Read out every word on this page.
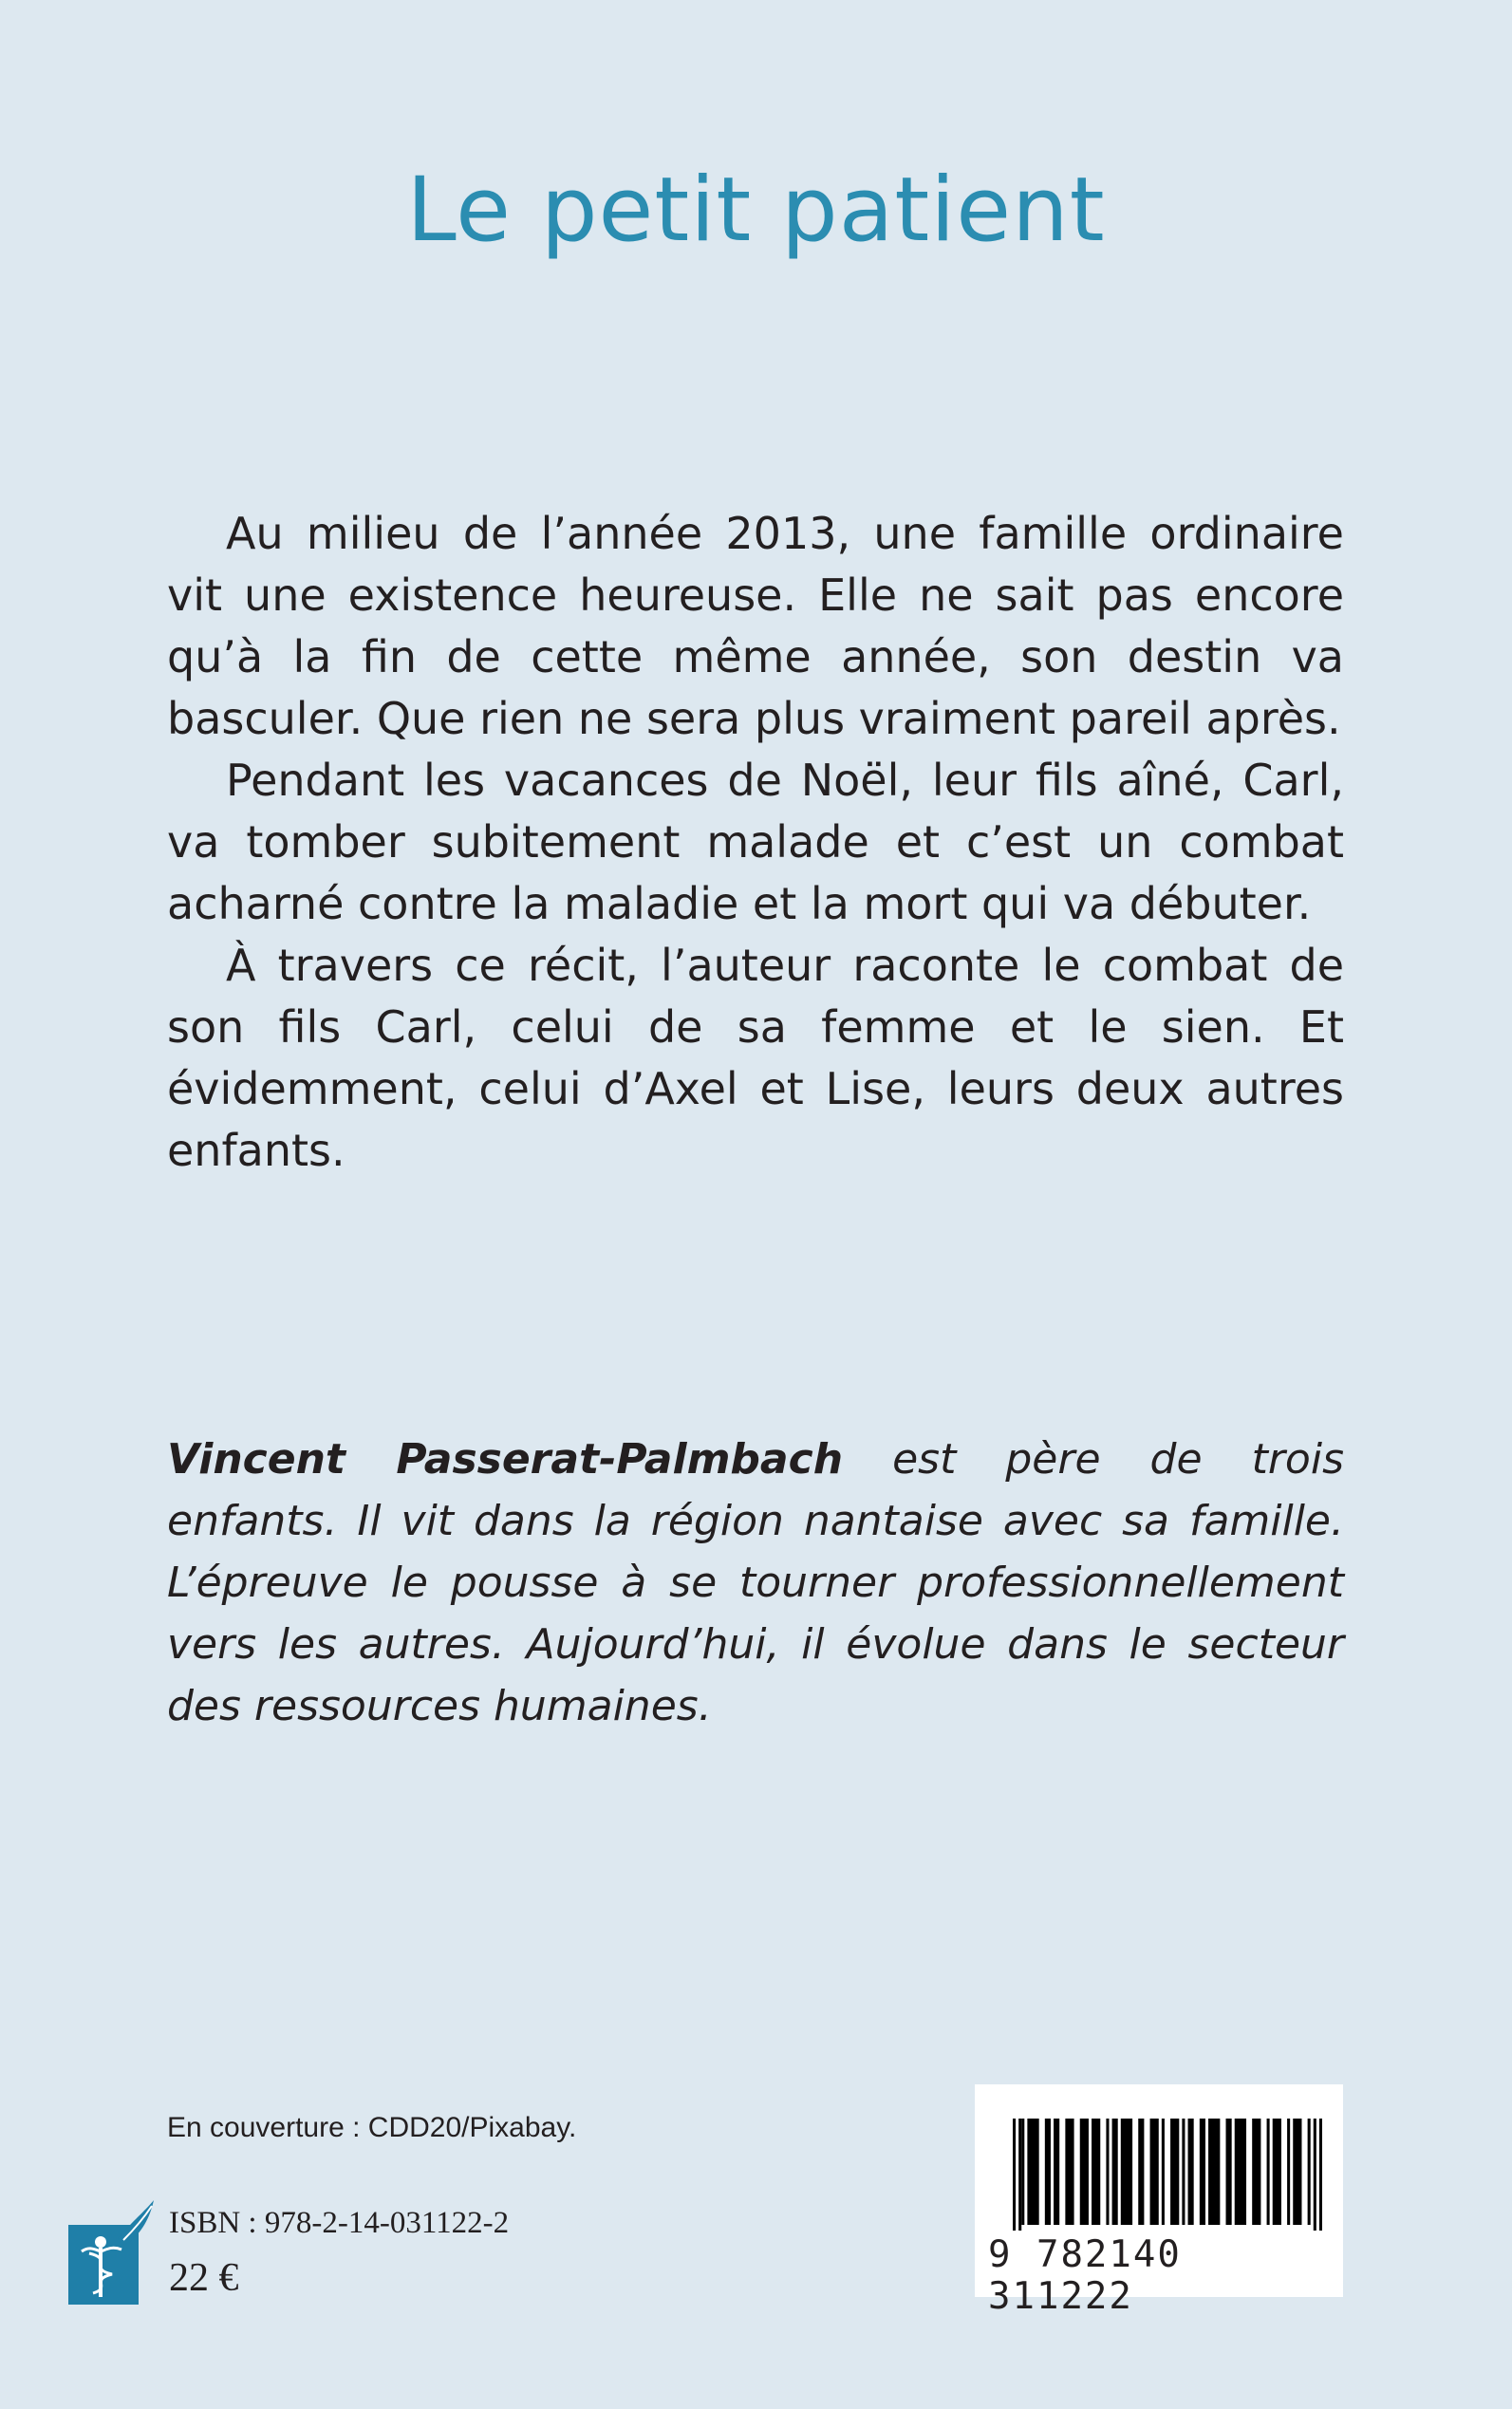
Le petit patient

Au milieu de l’année 2013, une famille ordinaire vit une existence heureuse. Elle ne sait pas encore qu’à la fin de cette même année, son destin va basculer. Que rien ne sera plus vraiment pareil après.

Pendant les vacances de Noël, leur fils aîné, Carl, va tomber subitement malade et c’est un combat acharné contre la maladie et la mort qui va débuter.

À travers ce récit, l’auteur raconte le combat de son fils Carl, celui de sa femme et le sien. Et évidemment, celui d’Axel et Lise, leurs deux autres enfants.

Vincent Passerat-Palmbach est père de trois enfants. Il vit dans la région nantaise avec sa famille. L’épreuve le pousse à se tourner professionnellement vers les autres. Aujourd’hui, il évolue dans le secteur des ressources humaines.
En couverture : CDD20/Pixabay.
ISBN : 978-2-14-031122-2
22 €
9 782140 311222
